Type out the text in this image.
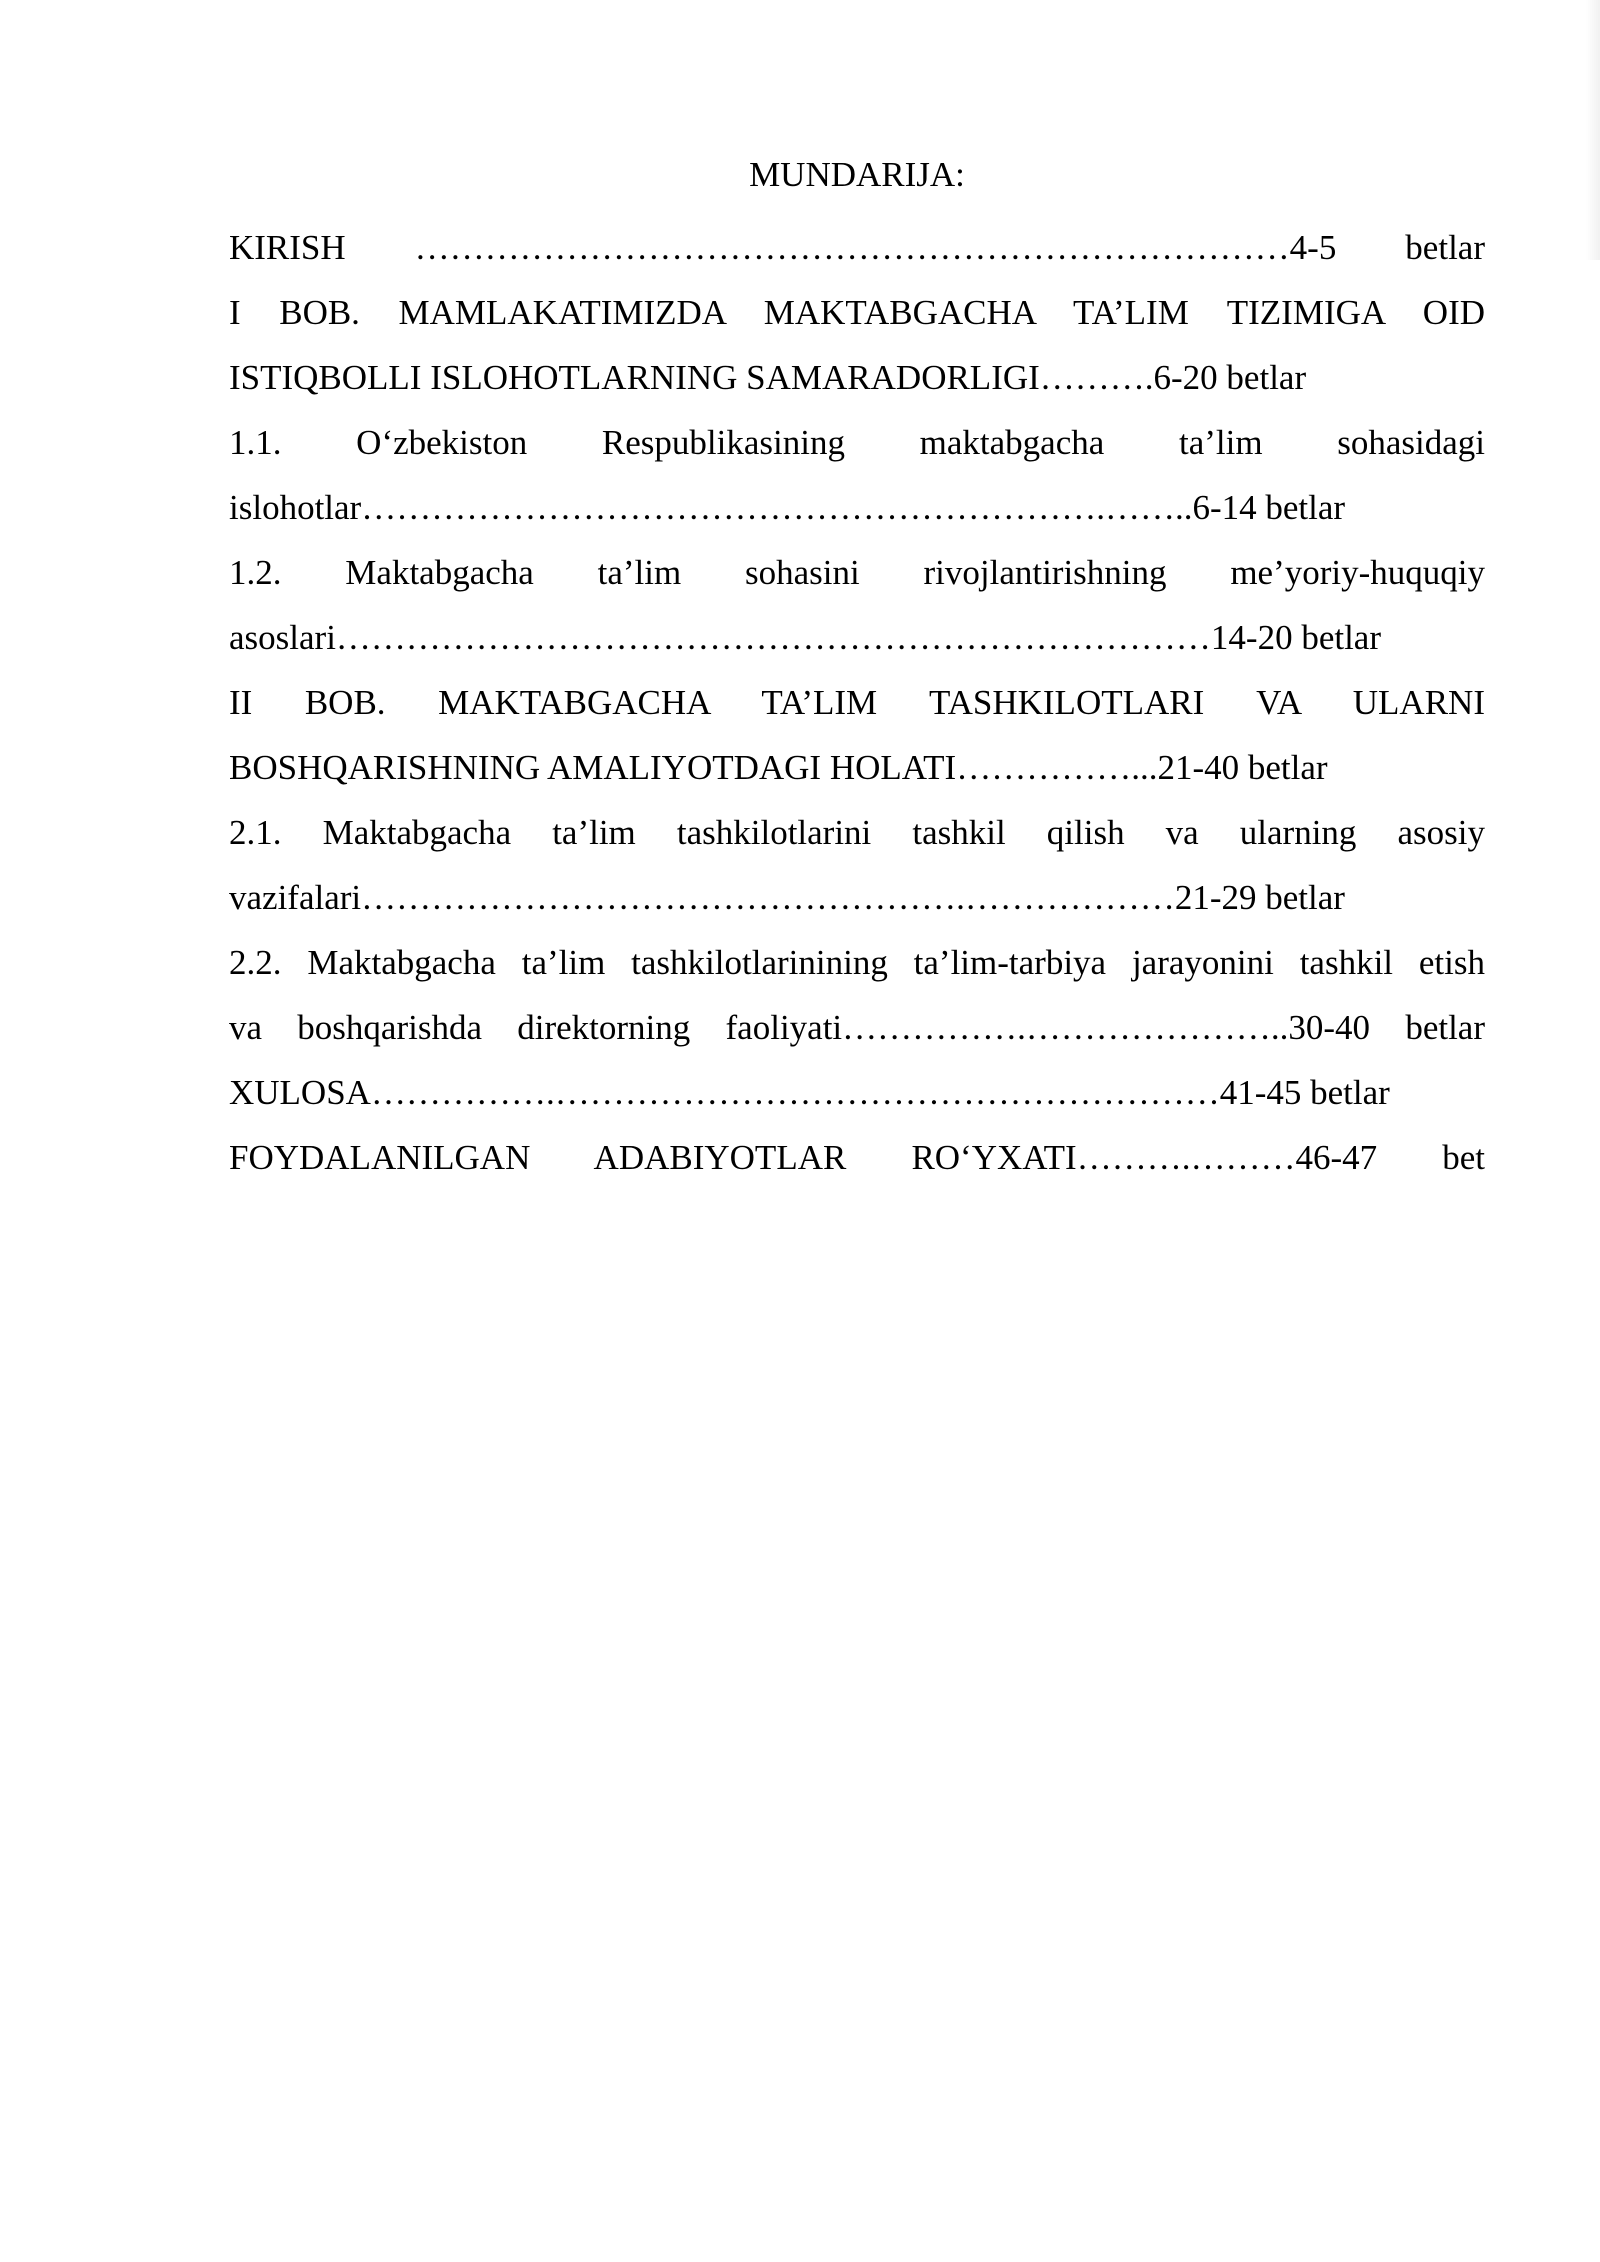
MUNDARIJA:
KIRISH …………………………………………………………………4-5 betlar
I BOB. MAMLAKATIMIZDA MAKTABGACHA TA’LIM TIZIMIGA OID
ISTIQBOLLI ISLOHOTLARNING SAMARADORLIGI……….6-20 betlar
1.1. O‘zbekiston Respublikasining maktabgacha ta’lim sohasidagi
islohotlar……………………………………………………….……..6-14 betlar
1.2. Maktabgacha ta’lim sohasini rivojlantirishning me’yoriy-huquqiy
asoslari…………………………………………………………………14-20 betlar
II BOB. MAKTABGACHA TA’LIM TASHKILOTLARI VA ULARNI
BOSHQARISHNING AMALIYOTDAGI HOLATI……………...21-40 betlar
2.1. Maktabgacha ta’lim tashkilotlarini tashkil qilish va ularning asosiy
vazifalari…………………………………………….………………21-29 betlar
2.2. Maktabgacha ta’lim tashkilotlarinining ta’lim-tarbiya jarayonini tashkil etish
va boshqarishda direktorning faoliyati…………….…………………..30-40 betlar
XULOSA…………….…………………………………………………41-45 betlar
FOYDALANILGAN ADABIYOTLAR RO‘YXATI……….………46-47 bet
